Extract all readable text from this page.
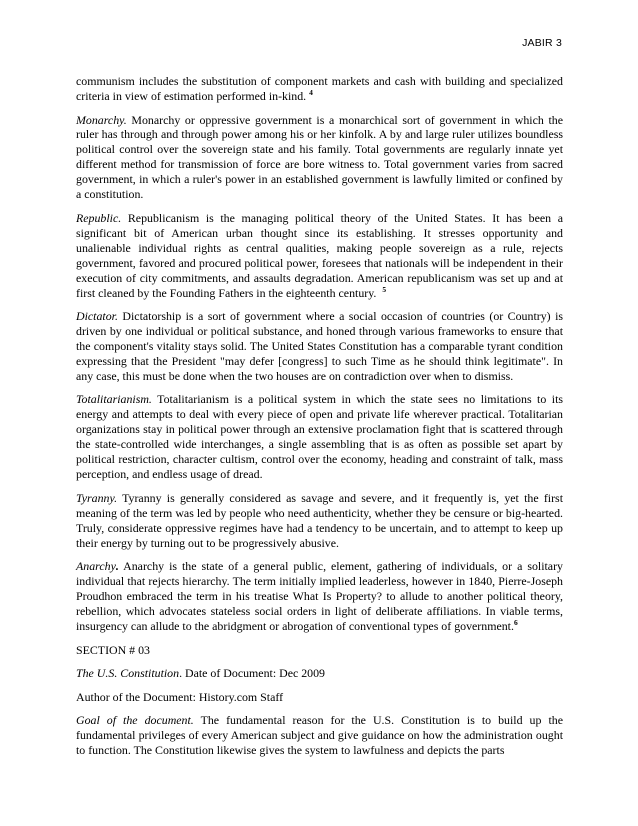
JABIR 3

communism includes the substitution of component markets and cash with building and specialized criteria in view of estimation performed in-kind. $^4$

Monarchy. Monarchy or oppressive government is a monarchical sort of government in which the ruler has through and through power among his or her kinfolk. A by and large ruler utilizes boundless political control over the sovereign state and his family. Total governments are regularly innate yet different method for transmission of force are bore witness to. Total government varies from sacred government, in which a ruler's power in an established government is lawfully limited or confined by a constitution.

Republic. Republicanism is the managing political theory of the United States. It has been a significant bit of American urban thought since its establishing. It stresses opportunity and unalienable individual rights as central qualities, making people sovereign as a rule, rejects government, favored and procured political power, foresees that nationals will be independent in their execution of city commitments, and assaults degradation. American republicanism was set up and at first cleaned by the Founding Fathers in the eighteenth century. $^5$

Dictator. Dictatorship is a sort of government where a social occasion of countries (or Country) is driven by one individual or political substance, and honed through various frameworks to ensure that the component's vitality stays solid. The United States Constitution has a comparable tyrant condition expressing that the President "may defer [congress] to such Time as he should think legitimate". In any case, this must be done when the two houses are on contradiction over when to dismiss.

Totalitarianism. Totalitarianism is a political system in which the state sees no limitations to its energy and attempts to deal with every piece of open and private life wherever practical. Totalitarian organizations stay in political power through an extensive proclamation fight that is scattered through the state-controlled wide interchanges, a single assembling that is as often as possible set apart by political restriction, character cultism, control over the economy, heading and constraint of talk, mass perception, and endless usage of dread.

Tyranny. Tyranny is generally considered as savage and severe, and it frequently is, yet the first meaning of the term was led by people who need authenticity, whether they be censure or big-hearted. Truly, considerate oppressive regimes have had a tendency to be uncertain, and to attempt to keep up their energy by turning out to be progressively abusive.

Anarchy. Anarchy is the state of a general public, element, gathering of individuals, or a solitary individual that rejects hierarchy. The term initially implied leaderless, however in 1840, Pierre-Joseph Proudhon embraced the term in his treatise What Is Property? to allude to another political theory, rebellion, which advocates stateless social orders in light of deliberate affiliations. In viable terms, insurgency can allude to the abridgment or abrogation of conventional types of government.$^6$

SECTION # 03

The U.S. Constitution. Date of Document: Dec 2009

Author of the Document: History.com Staff

Goal of the document. The fundamental reason for the U.S. Constitution is to build up the fundamental privileges of every American subject and give guidance on how the administration ought to function. The Constitution likewise gives the system to lawfulness and depicts the parts
